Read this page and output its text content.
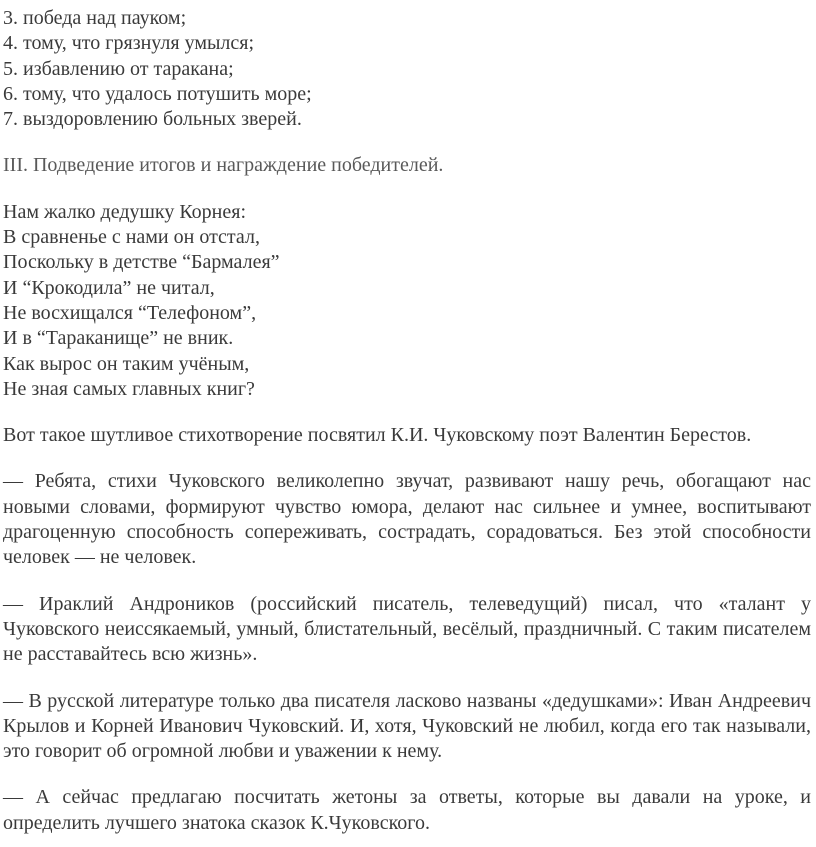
3. победа над пауком;
4. тому, что грязнуля умылся;
5. избавлению от таракана;
6. тому, что удалось потушить море;
7. выздоровлению больных зверей.
III. Подведение итогов и награждение победителей.
Нам жалко дедушку Корнея:
В сравненье с нами он отстал,
Поскольку в детстве “Бармалея”
И “Крокодила” не читал,
Не восхищался “Телефоном”,
И в “Тараканище” не вник.
Как вырос он таким учёным,
Не зная самых главных книг?

Вот такое шутливое стихотворение посвятил К.И. Чуковскому поэт Валентин Берестов.

— Ребята, стихи Чуковского великолепно звучат, развивают нашу речь, обогащают нас новыми словами, формируют чувство юмора, делают нас сильнее и умнее, воспитывают драгоценную способность сопереживать, сострадать, сорадоваться. Без этой способности человек — не человек.

— Ираклий Андроников (российский писатель, телеведущий) писал, что «талант у Чуковского неиссякаемый, умный, блистательный, весёлый, праздничный. С таким писателем не расставайтесь всю жизнь».

— В русской литературе только два писателя ласково названы «дедушками»: Иван Андреевич Крылов и Корней Иванович Чуковский. И, хотя, Чуковский не любил, когда его так называли, это говорит об огромной любви и уважении к нему.

— А сейчас предлагаю посчитать жетоны за ответы, которые вы давали на уроке, и определить лучшего знатока сказок К.Чуковского.
